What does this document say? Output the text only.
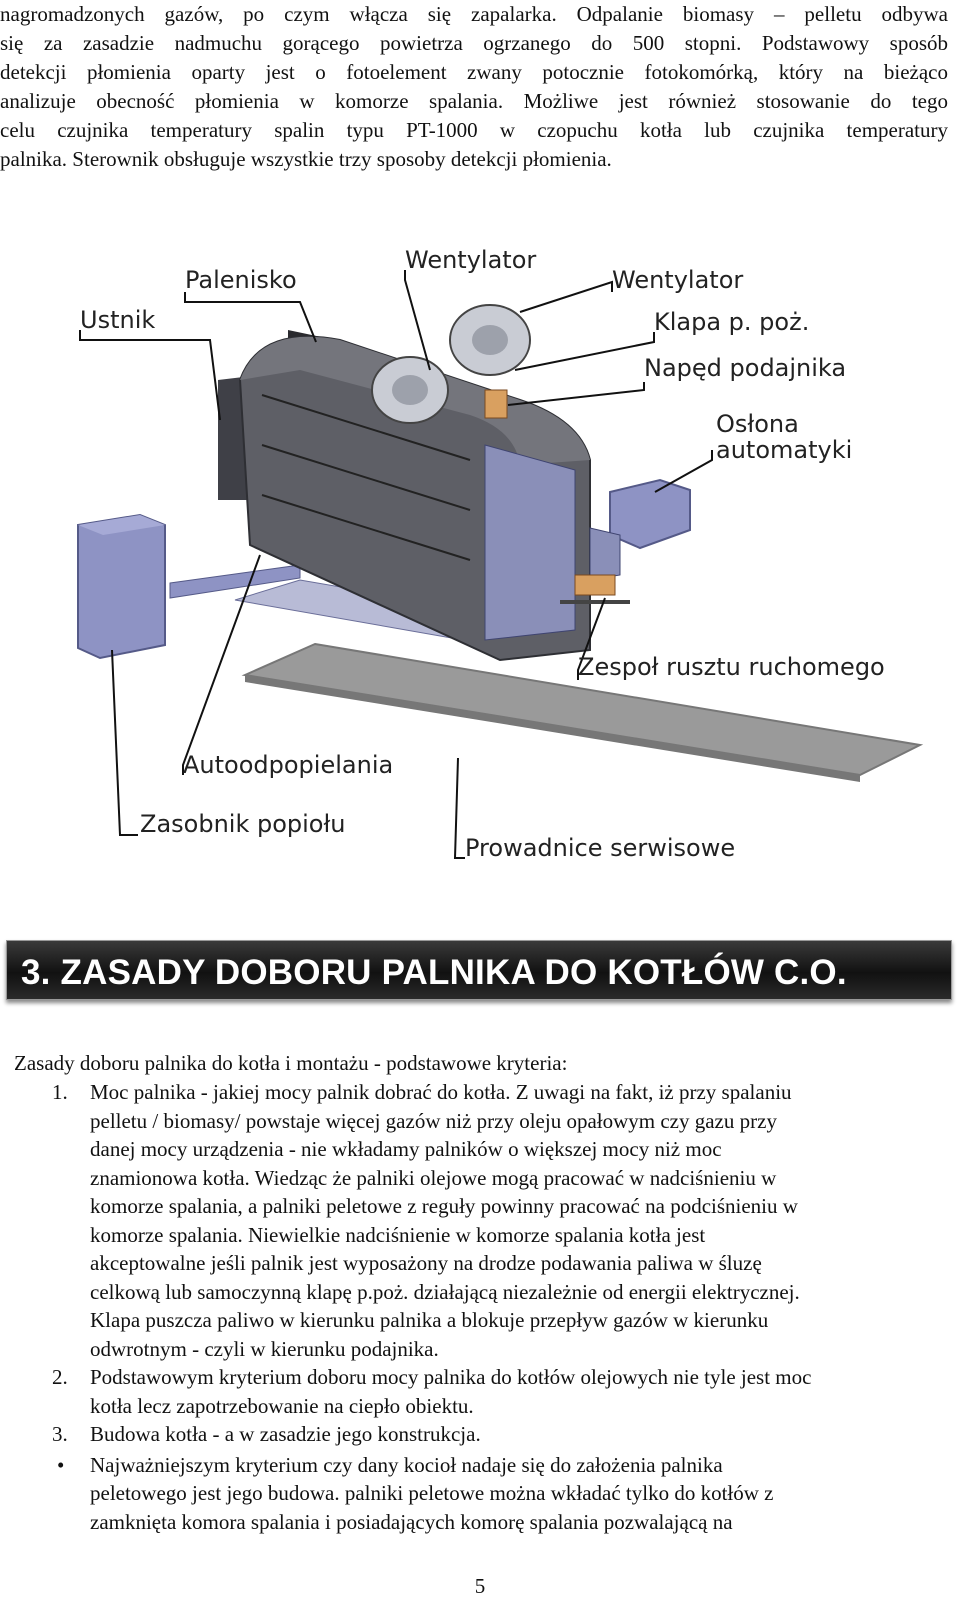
nagromadzonych gazów, po czym włącza się zapalarka. Odpalanie biomasy – pelletu odbywa
się za zasadzie nadmuchu gorącego powietrza ogrzanego do 500 stopni. Podstawowy sposób
detekcji płomienia oparty jest o fotoelement zwany potocznie fotokomórką, który na bieżąco
analizuje obecność płomienia w komorze spalania. Możliwe jest również stosowanie do tego
celu czujnika temperatury spalin typu PT-1000 w czopuchu kotła lub czujnika temperatury
palnika. Sterownik obsługuje wszystkie trzy sposoby detekcji płomienia.
Ustnik
Palenisko
Wentylator
Wentylator
Klapa p. poż.
Napęd podajnika
Osłona
automatyki
Zespoł rusztu ruchomego
Autoodpopielania
Zasobnik popiołu
Prowadnice serwisowe
3. ZASADY DOBORU PALNIKA DO KOTŁÓW C.O.

Zasady doboru palnika do kotła i montażu - podstawowe kryteria:

1. Moc palnika - jakiej mocy palnik dobrać do kotła. Z uwagi na fakt, iż przy spalaniu
pelletu / biomasy/ powstaje więcej gazów niż przy oleju opałowym czy gazu przy
danej mocy urządzenia - nie wkładamy palników o większej mocy niż moc
znamionowa kotła. Wiedząc że palniki olejowe mogą pracować w nadciśnieniu w
komorze spalania, a palniki peletowe z reguły powinny pracować na podciśnieniu w
komorze spalania. Niewielkie nadciśnienie w komorze spalania kotła jest
akceptowalne jeśli palnik jest wyposażony na drodze podawania paliwa w śluzę
celkową lub samoczynną klapę p.poż. działającą niezależnie od energii elektrycznej.
Klapa puszcza paliwo w kierunku palnika a blokuje przepływ gazów w kierunku
odwrotnym - czyli w kierunku podajnika.
2. Podstawowym kryterium doboru mocy palnika do kotłów olejowych nie tyle jest moc
kotła lecz zapotrzebowanie na ciepło obiektu.
3. Budowa kotła - a w zasadzie jego konstrukcja.
• Najważniejszym kryterium czy dany kocioł nadaje się do założenia palnika
peletowego jest jego budowa. palniki peletowe można wkładać tylko do kotłów z
zamknięta komora spalania i posiadających komorę spalania pozwalającą na
5
